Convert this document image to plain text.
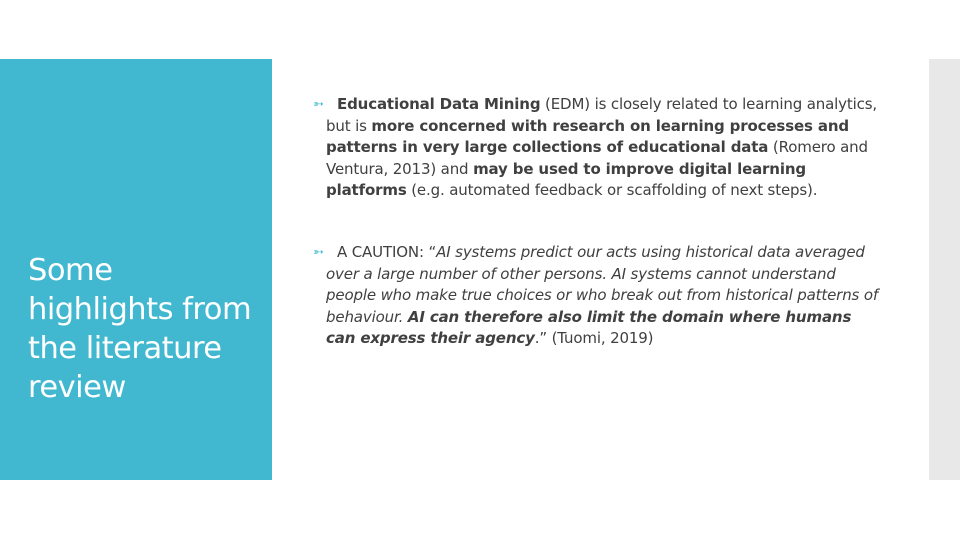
Some highlights from the literature review
➳ Educational Data Mining (EDM) is closely related to learning analytics, but is more concerned with research on learning processes and patterns in very large collections of educational data (Romero and Ventura, 2013) and may be used to improve digital learning platforms (e.g. automated feedback or scaffolding of next steps).
➳ A CAUTION: “AI systems predict our acts using historical data averaged over a large number of other persons. AI systems cannot understand people who make true choices or who break out from historical patterns of behaviour. AI can therefore also limit the domain where humans can express their agency.” (Tuomi, 2019)
